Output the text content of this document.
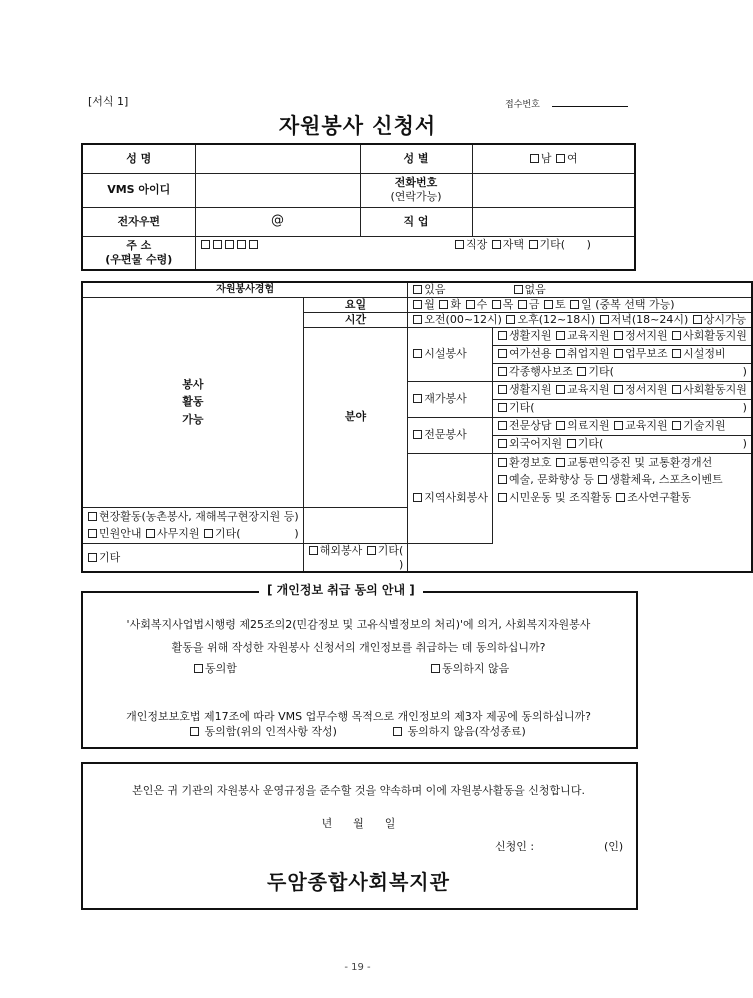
[서식 1]	접수번호
자원봉사 신청서
성 명		성 별	남 여
VMS 아이디		전화번호
(연락가능)	

전자우편	@	직 업	

주 소
(우편물 수령)	직장 자택 기타( )		
자원봉사경험		있음 없음	

봉사
활동
가능	요일	월 화 수 목 금 토 일 (중복 선택 가능)	
	시간	오전(00~12시) 오후(12~18시) 저녁(18~24시) 상시가능	
	분야	시설봉사	생활지원 교육지원 정서지원 사회활동지원
			여가선용 취업지원 업무보조 시설정비
			각종행사보조 기타( )

		재가봉사	생활지원 교육지원 정서지원 사회활동지원
			기타( )

		전문봉사	전문상담 의료지원 교육지원 기술지원
			외국어지원 기타( )

		지역사회봉사	환경보호 교통편익증진 및 교통환경개선
			예술, 문화향상 등 생활체육, 스포츠이벤트
			시민운동 및 조직활동 조사연구활동
현장활동(농촌봉사, 재해복구현장지원 등)			
민원안내 사무지원 기타( )			

기타	해외봉사 기타(
)		
[ 개인정보 취급 동의 안내 ]
'사회복지사업법시행령 제25조의2(민감정보 및 고유식별정보의 처리)'에 의거, 사회복지자원봉사
활동을 위해 작성한 자원봉사 신청서의 개인정보를 취급하는 데 동의하십니까?
동의함	동의하지 않음
개인정보보호법 제17조에 따라 VMS 업무수행 목적으로 개인정보의 제3자 제공에 동의하십니까?
동의함(위의 인적사항 작성)	동의하지 않음(작성종료)
본인은 귀 기관의 자원봉사 운영규정을 준수할 것을 약속하며 이에 자원봉사활동을 신청합니다.
년      월      일
신청인 :	(인)
두암종합사회복지관
- 19 -
